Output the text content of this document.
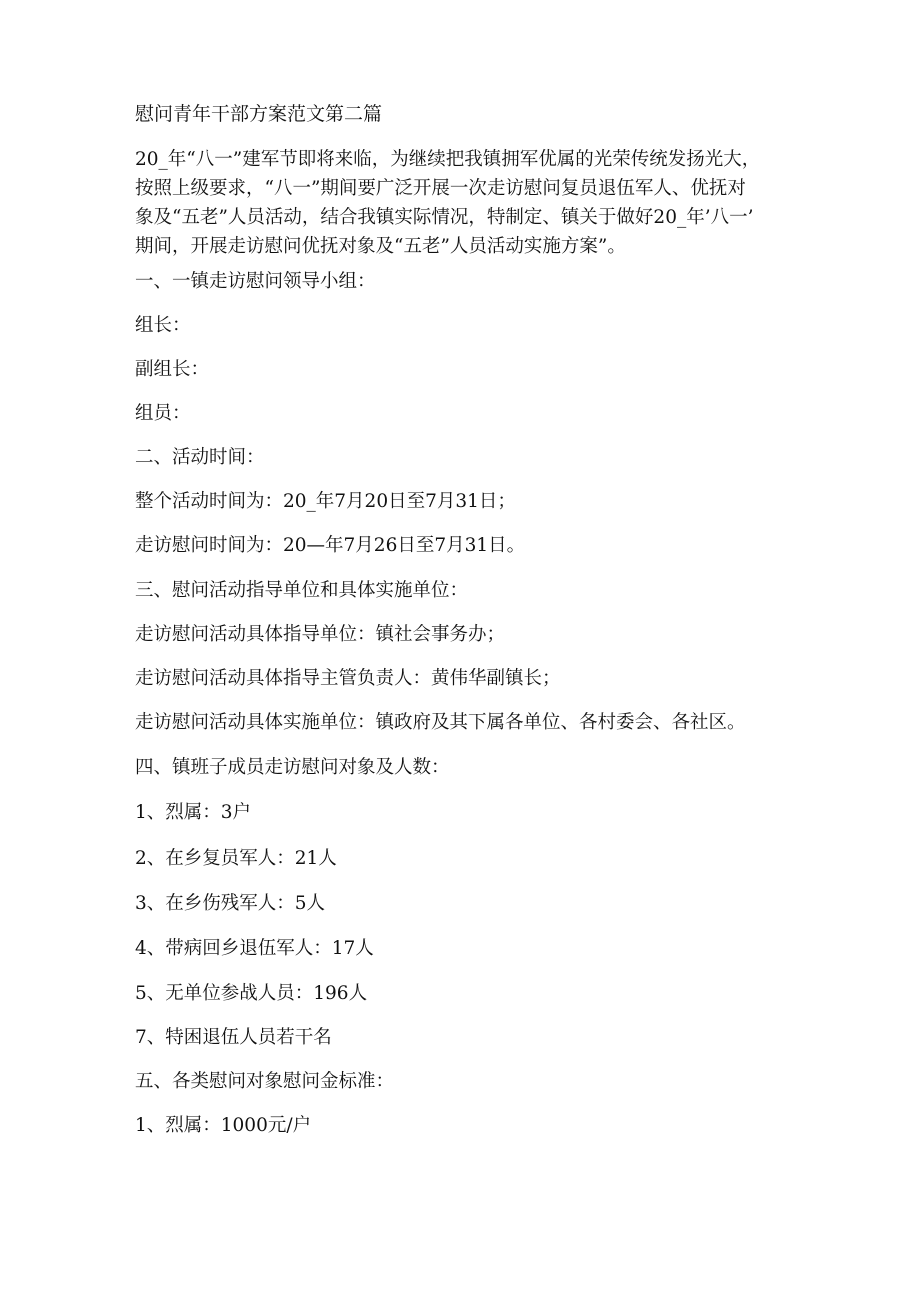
慰问青年干部方案范文第二篇
20_年“八一”建军节即将来临，为继续把我镇拥军优属的光荣传统发扬光大，
按照上级要求，“八一”期间要广泛开展一次走访慰问复员退伍军人、优抚对
象及“五老”人员活动，结合我镇实际情况，特制定、镇关于做好20_年’八一’
期间，开展走访慰问优抚对象及“五老”人员活动实施方案”。
一、一镇走访慰问领导小组：
组长：
副组长：
组员：
二、活动时间：
整个活动时间为：20_年7月20日至7月31日；
走访慰问时间为：20—年7月26日至7月31日。
三、慰问活动指导单位和具体实施单位：
走访慰问活动具体指导单位：镇社会事务办；
走访慰问活动具体指导主管负责人：黄伟华副镇长；
走访慰问活动具体实施单位：镇政府及其下属各单位、各村委会、各社区。
四、镇班子成员走访慰问对象及人数：
1、烈属：3户
2、在乡复员军人：21人
3、在乡伤残军人：5人
4、带病回乡退伍军人：17人
5、无单位参战人员：196人
7、特困退伍人员若干名
五、各类慰问对象慰问金标准：
1、烈属：1000元/户
